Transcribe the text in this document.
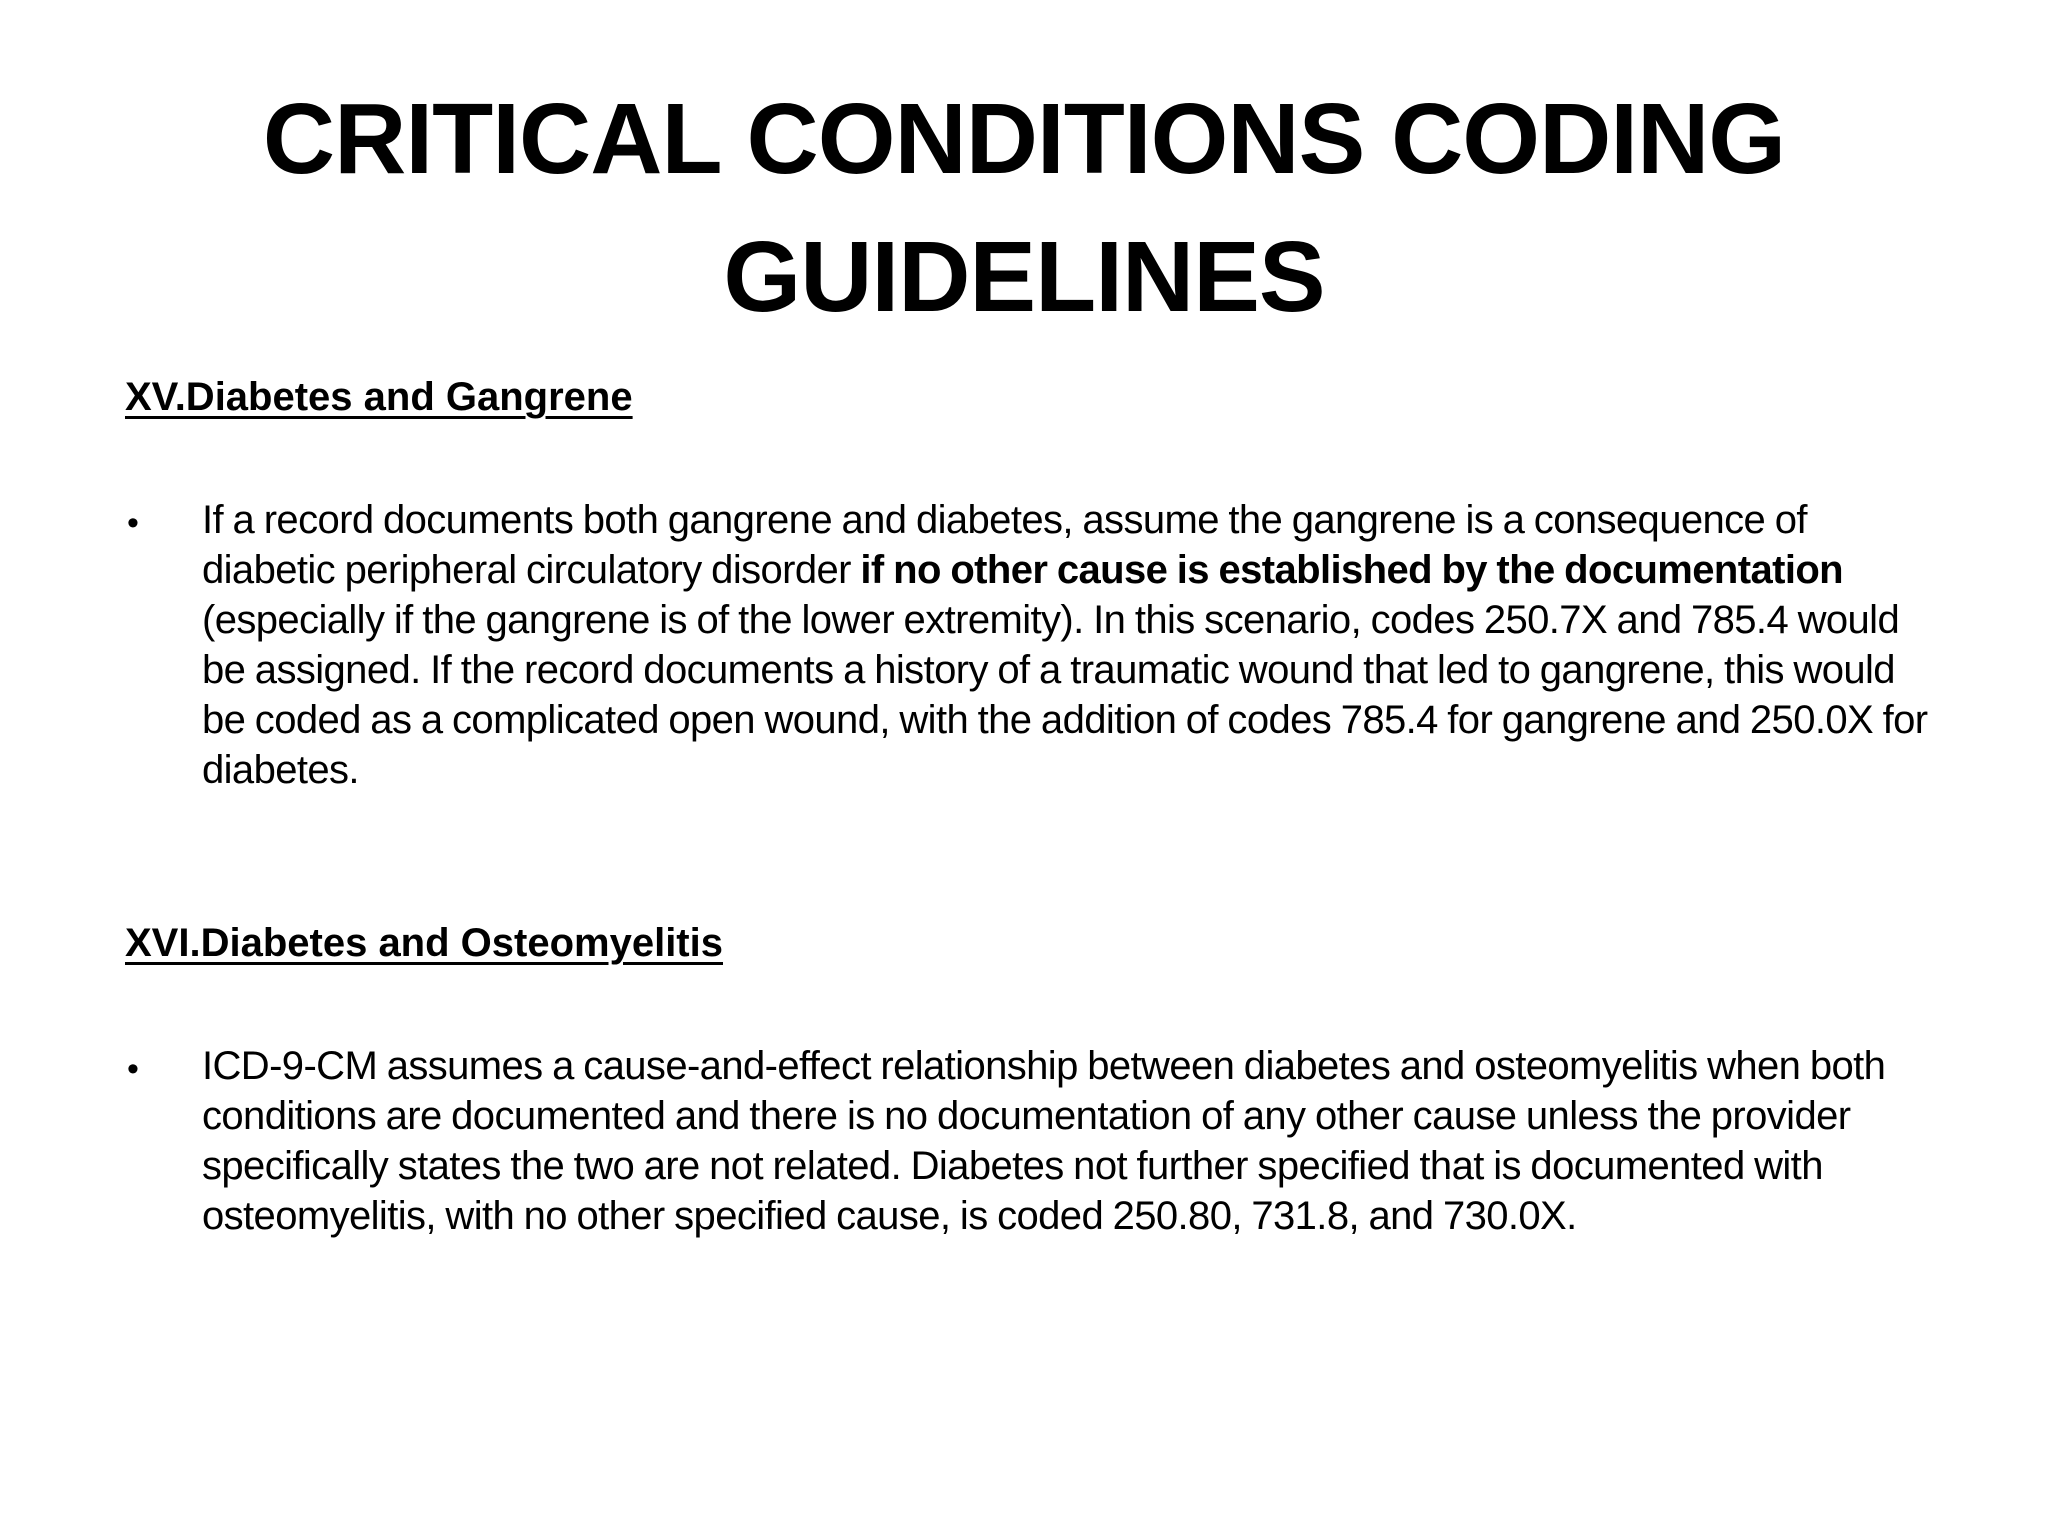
CRITICAL CONDITIONS CODING
GUIDELINES
XV.Diabetes and Gangrene
• If a record documents both gangrene and diabetes, assume the gangrene is a consequence of diabetic peripheral circulatory disorder if no other cause is established by the documentation (especially if the gangrene is of the lower extremity). In this scenario, codes 250.7X and 785.4 would be assigned. If the record documents a history of a traumatic wound that led to gangrene, this would be coded as a complicated open wound, with the addition of codes 785.4 for gangrene and 250.0X for diabetes.
XVI.Diabetes and Osteomyelitis
• ICD-9-CM assumes a cause-and-effect relationship between diabetes and osteomyelitis when both conditions are documented and there is no documentation of any other cause unless the provider specifically states the two are not related. Diabetes not further specified that is documented with osteomyelitis, with no other specified cause, is coded 250.80, 731.8, and 730.0X.
